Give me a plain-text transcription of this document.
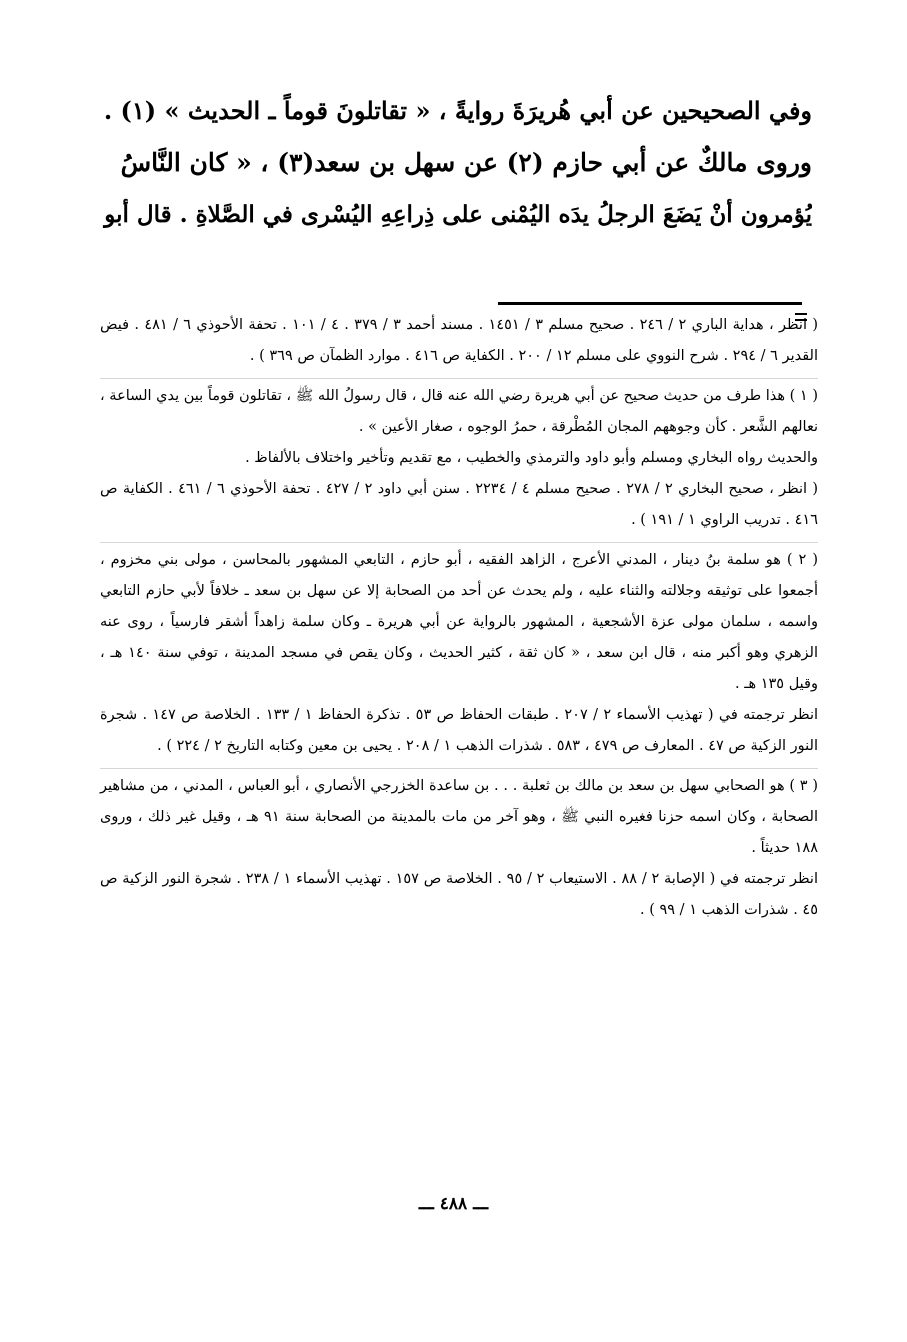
وفي الصحيحين عن أبي هُريرَةَ روايةً ، « تقاتلونَ قوماً ـ الحديث » (١) .
وروى مالكٌ عن أبي حازم (٢) عن سهل بن سعد(٣) ، « كان النَّاسُ
يُؤمرون أنْ يَضَعَ الرجلُ يدَه اليُمْنى على ذِراعِهِ اليُسْرى في الصَّلاةِ . قال أبو
( انظر ، هداية الباري ٢ / ٢٤٦ . صحيح مسلم ٣ / ١٤٥١ . مسند أحمد ٣ / ٣٧٩ . ٤ / ١٠١ . تحفة الأحوذي ٦ / ٤٨١ . فيض القدير ٦ / ٢٩٤ . شرح النووي على مسلم ١٢ / ٢٠٠ . الكفاية ص ٤١٦ . موارد الظمآن ص ٣٦٩ ) .
( ١ ) هذا طرف من حديث صحيح عن أبي هريرة رضي الله عنه قال ، قال رسولُ الله ﷺ ، تقاتلون قوماً بين يدي الساعة ، نعالهم الشَّعر . كأن وجوههم المجان المُطْرقة ، حمرُ الوجوه ، صغار الأعين » .
والحديث رواه البخاري ومسلم وأبو داود والترمذي والخطيب ، مع تقديم وتأخير واختلاف بالألفاظ .
( انظر ، صحيح البخاري ٢ / ٢٧٨ . صحيح مسلم ٤ / ٢٢٣٤ . سنن أبي داود ٢ / ٤٢٧ . تحفة الأحوذي ٦ / ٤٦١ . الكفاية ص ٤١٦ . تدريب الراوي ١ / ١٩١ ) .
( ٢ ) هو سلمة بنُ دينار ، المدني الأعرج ، الزاهد الفقيه ، أبو حازم ، التابعي المشهور بالمحاسن ، مولى بني مخزوم ، أجمعوا على توثيقه وجلالته والثناء عليه ، ولم يحدث عن أحد من الصحابة إلا عن سهل بن سعد ـ خلافاً لأبي حازم التابعي واسمه ، سلمان مولى عزة الأشجعية ، المشهور بالرواية عن أبي هريرة ـ وكان سلمة زاهداً أشقر فارسياً ، روى عنه الزهري وهو أكبر منه ، قال ابن سعد ، « كان ثقة ، كثير الحديث ، وكان يقص في مسجد المدينة ، توفي سنة ١٤٠ هـ ، وقيل ١٣٥ هـ .
انظر ترجمته في ( تهذيب الأسماء ٢ / ٢٠٧ . طبقات الحفاظ ص ٥٣ . تذكرة الحفاظ ١ / ١٣٣ . الخلاصة ص ١٤٧ . شجرة النور الزكية ص ٤٧ . المعارف ص ٤٧٩ ، ٥٨٣ . شذرات الذهب ١ / ٢٠٨ . يحيى بن معين وكتابه التاريخ ٢ / ٢٢٤ ) .
( ٣ ) هو الصحابي سهل بن سعد بن مالك بن ثعلبة . . . بن ساعدة الخزرجي الأنصاري ، أبو العباس ، المدني ، من مشاهير الصحابة ، وكان اسمه حزنا فغيره النبي ﷺ ، وهو آخر من مات بالمدينة من الصحابة سنة ٩١ هـ ، وقيل غير ذلك ، وروى ١٨٨ حديثاً .
انظر ترجمته في ( الإصابة ٢ / ٨٨ . الاستيعاب ٢ / ٩٥ . الخلاصة ص ١٥٧ . تهذيب الأسماء ١ / ٢٣٨ . شجرة النور الزكية ص ٤٥ . شذرات الذهب ١ / ٩٩ ) .
ـــ ٤٨٨ ـــ
